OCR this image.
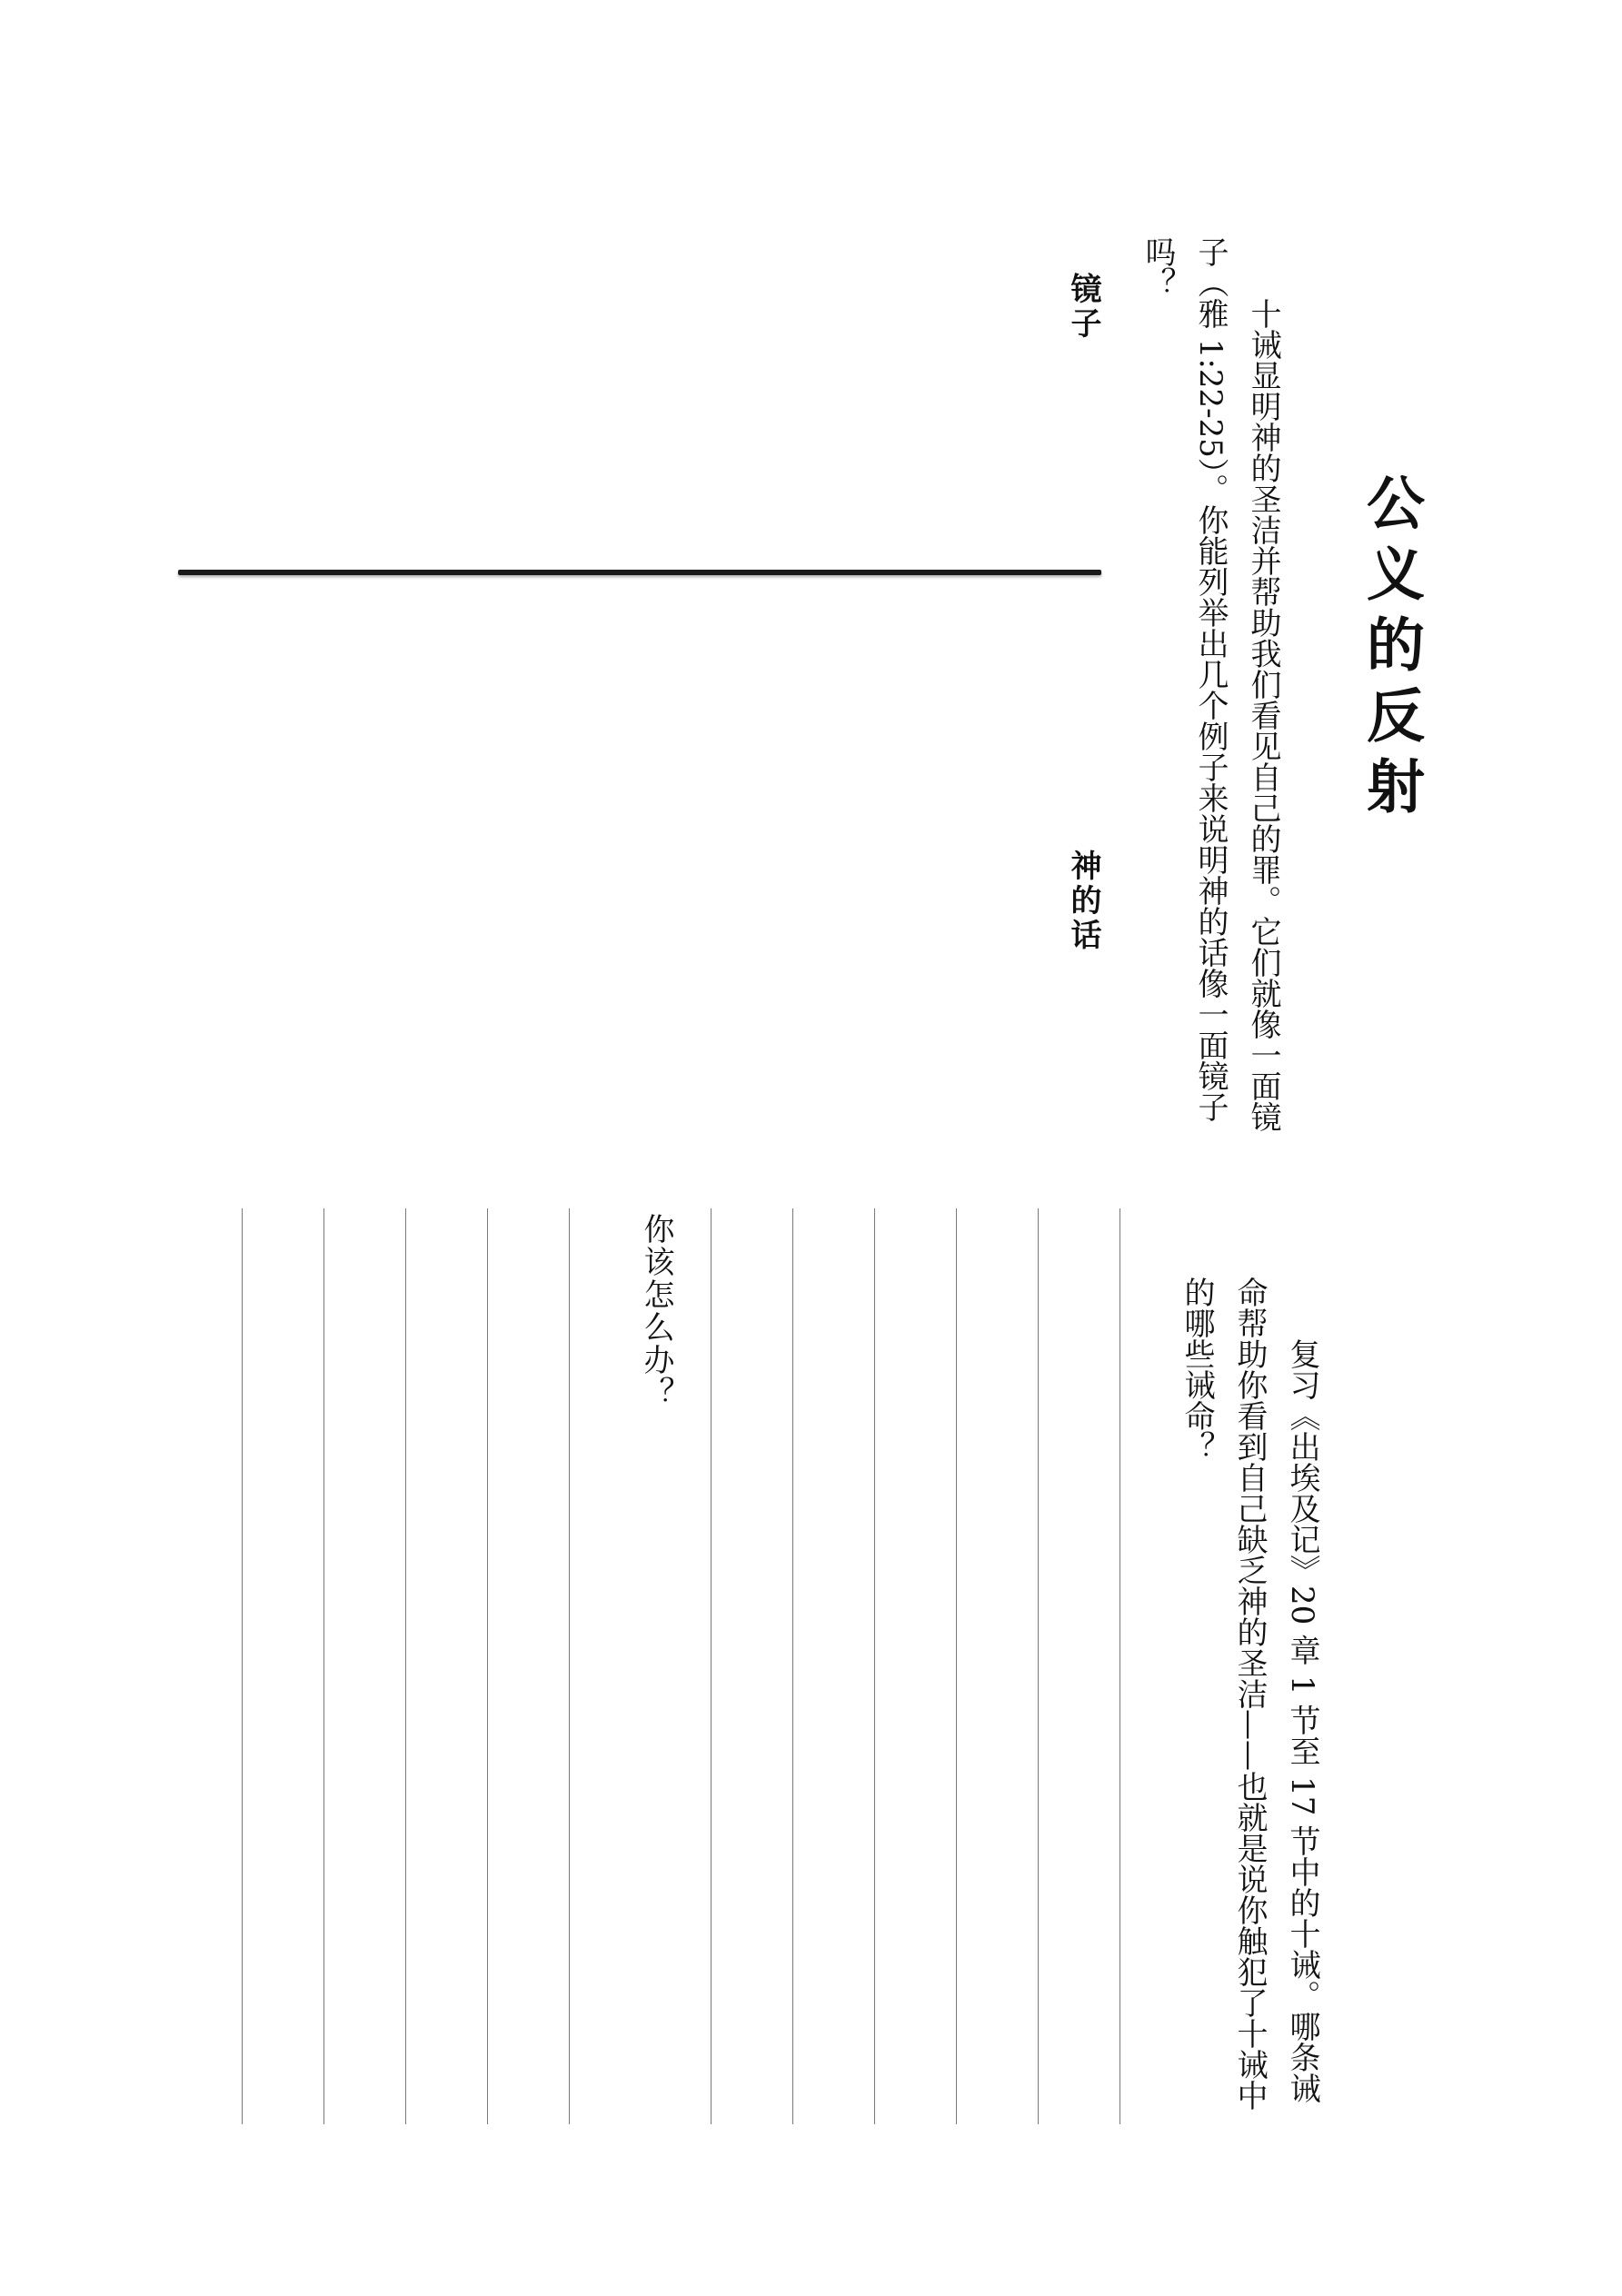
公义的反射

十诫显明神的圣洁并帮助我们看见自己的罪。它们就像一面镜子（雅 1:22-25）。你能列举出几个例子来说明神的话像一面镜子吗？

复习《出埃及记》20 章 1 节至 17 节中的十诫。哪条诫命帮助你看到自己缺乏神的圣洁——也就是说你触犯了十诫中的哪些诫命？

镜子
神的话
你该怎么办？
